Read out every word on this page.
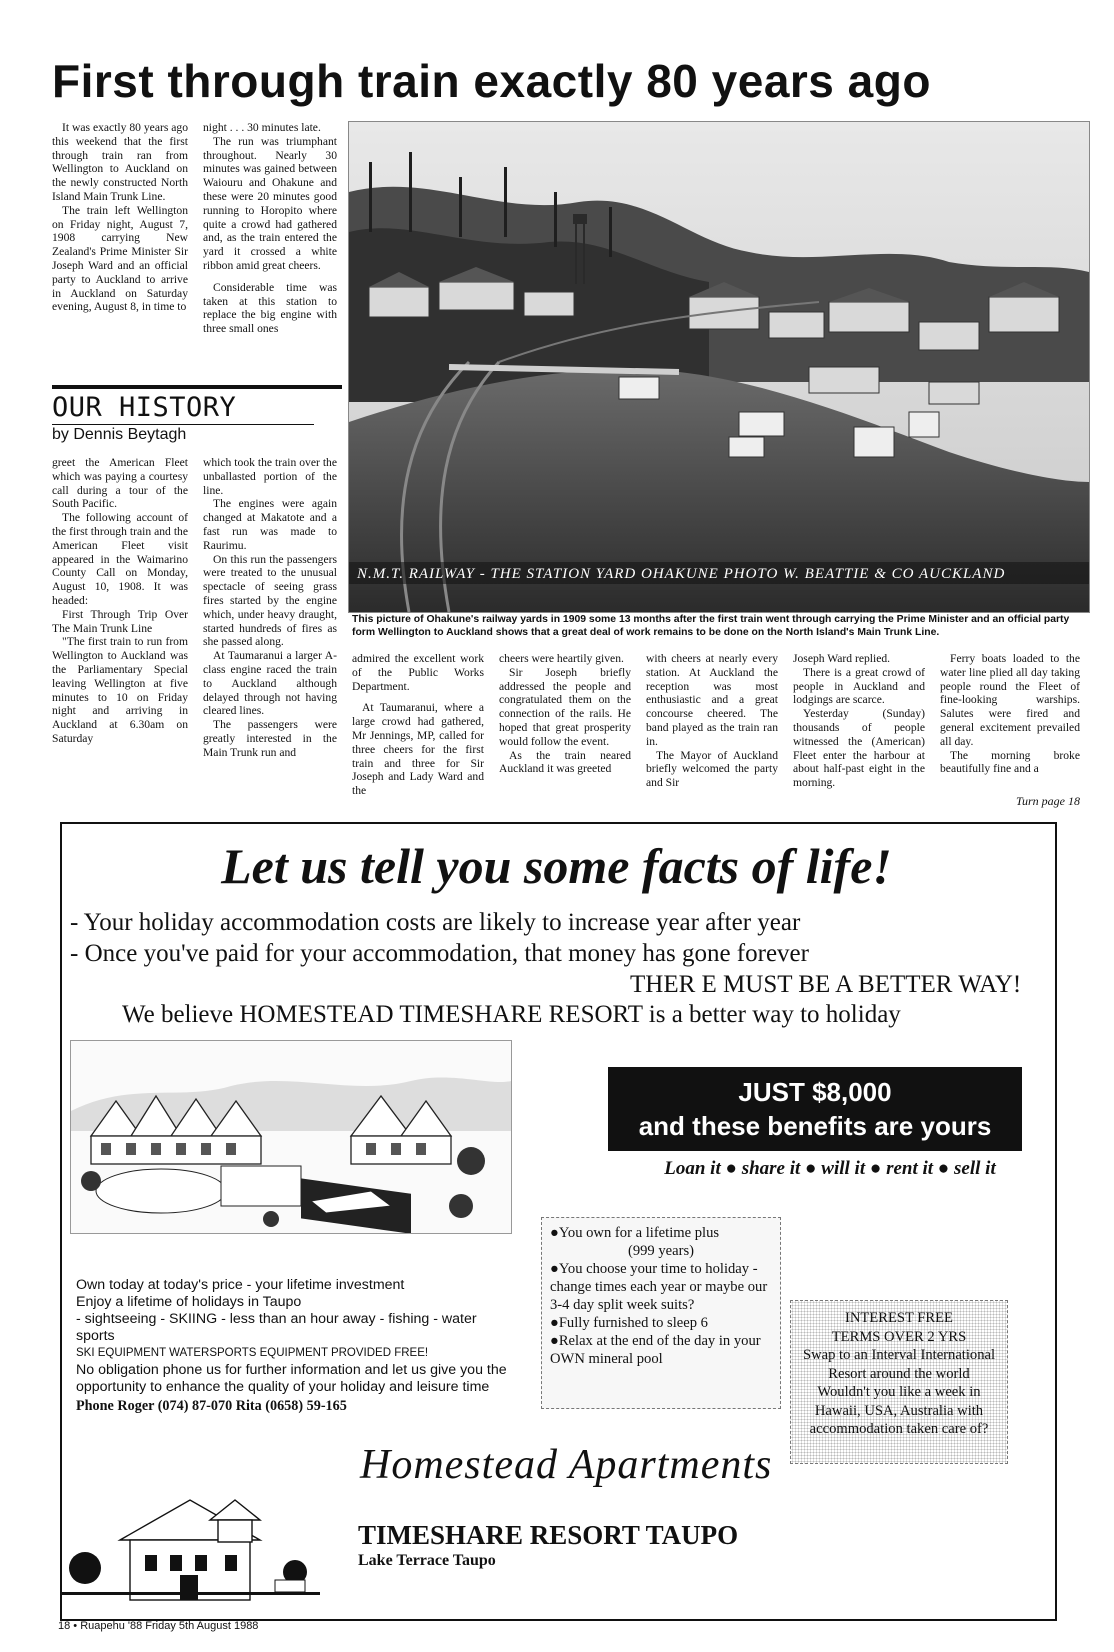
First through train exactly 80 years ago

It was exactly 80 years ago this weekend that the first through train ran from Wellington to Auckland on the newly constructed North Island Main Trunk Line.

The train left Wellington on Friday night, August 7, 1908 carrying New Zealand's Prime Minister Sir Joseph Ward and an official party to Auckland to arrive in Auckland on Saturday evening, August 8, in time to

night . . . 30 minutes late.

The run was triumphant throughout. Nearly 30 minutes was gained between Waiouru and Ohakune and these were 20 minutes good running to Horopito where quite a crowd had gathered and, as the train entered the yard it crossed a white ribbon amid great cheers.

Considerable time was taken at this station to replace the big engine with three small ones

OUR HISTORY
by Dennis Beytagh

greet the American Fleet which was paying a courtesy call during a tour of the South Pacific.

The following account of the first through train and the American Fleet visit appeared in the Waimarino County Call on Monday, August 10, 1908. It was headed:

First Through Trip Over The Main Trunk Line

"The first train to run from Wellington to Auckland was the Parliamentary Special leaving Wellington at five minutes to 10 on Friday night and arriving in Auckland at 6.30am on Saturday

which took the train over the unballasted portion of the line.

The engines were again changed at Makatote and a fast run was made to Raurimu.

On this run the passengers were treated to the unusual spectacle of seeing grass fires started by the engine which, under heavy draught, started hundreds of fires as she passed along.

At Taumaranui a larger A-class engine raced the train to Auckland although delayed through not having cleared lines.

The passengers were greatly interested in the Main Trunk run and

N.M.T. RAILWAY - THE STATION YARD OHAKUNE PHOTO W. BEATTIE & CO AUCKLAND
This picture of Ohakune's railway yards in 1909 some 13 months after the first train went through carrying the Prime Minister and an official party form Wellington to Auckland shows that a great deal of work remains to be done on the North Island's Main Trunk Line.

admired the excellent work of the Public Works Department.

At Taumaranui, where a large crowd had gathered, Mr Jennings, MP, called for three cheers for the first train and three for Sir Joseph and Lady Ward and the

cheers were heartily given.

Sir Joseph briefly addressed the people and congratulated them on the connection of the rails. He hoped that great prosperity would follow the event.

As the train neared Auckland it was greeted

with cheers at nearly every station. At Auckland the reception was most enthusiastic and a great concourse cheered. The band played as the train ran in.

The Mayor of Auckland briefly welcomed the party and Sir

Joseph Ward replied.

There is a great crowd of people in Auckland and lodgings are scarce.

Yesterday (Sunday) thousands of people witnessed the (American) Fleet enter the harbour at about half-past eight in the morning.

Ferry boats loaded to the water line plied all day taking people round the Fleet of fine-looking warships. Salutes were fired and general excitement prevailed all day.

The morning broke beautifully fine and a

Turn page 18
Let us tell you some facts of life!
- Your holiday accommodation costs are likely to increase year after year
- Once you've paid for your accommodation, that money has gone forever
THER E MUST BE A BETTER WAY!
We believe HOMESTEAD TIMESHARE RESORT is a better way to holiday
JUST $8,000
and these benefits are yours
Loan it ● share it ● will it ● rent it ● sell it
●You own for a lifetime plus
(999 years)
●You choose your time to holiday - change times each year or maybe our 3-4 day split week suits?
●Fully furnished to sleep 6
●Relax at the end of the day in your OWN mineral pool
INTEREST FREE
TERMS OVER 2 YRS
Swap to an Interval International Resort around the world
Wouldn't you like a week in Hawaii, USA, Australia with accommodation taken care of?
Own today at today's price - your lifetime investment
Enjoy a lifetime of holidays in Taupo
- sightseeing - SKIING - less than an hour away - fishing - water sports
SKI EQUIPMENT WATERSPORTS EQUIPMENT PROVIDED FREE!
No obligation phone us for further information and let us give you the opportunity to enhance the quality of your holiday and leisure time
Phone Roger (074) 87-070 Rita (0658) 59-165
Homestead Apartments
TIMESHARE RESORT TAUPO
Lake Terrace Taupo
18 • Ruapehu '88 Friday 5th August 1988
